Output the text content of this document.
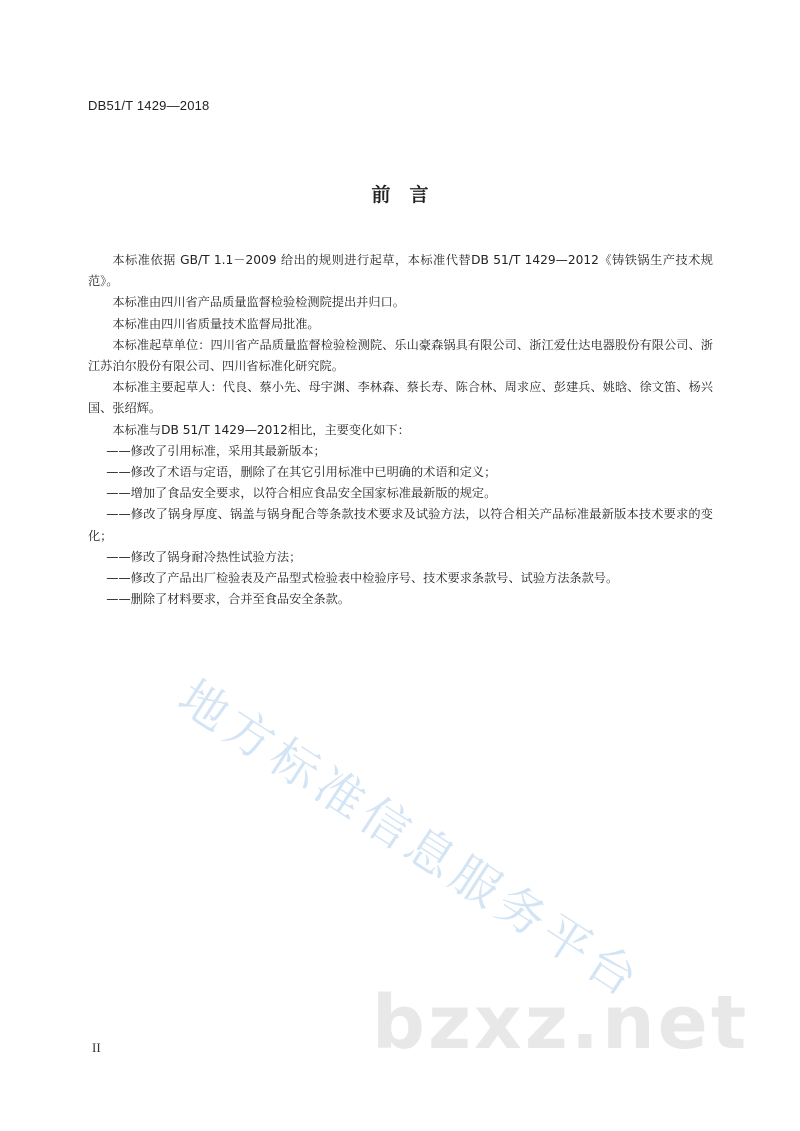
DB51/T 1429—2018
前　言

本标准依据 GB/T 1.1－2009 给出的规则进行起草，本标准代替DB 51/T 1429—2012《铸铁锅生产技术规范》。

本标准由四川省产品质量监督检验检测院提出并归口。

本标准由四川省质量技术监督局批准。

本标准起草单位：四川省产品质量监督检验检测院、乐山豪森锅具有限公司、浙江爱仕达电器股份有限公司、浙江苏泊尔股份有限公司、四川省标准化研究院。

本标准主要起草人：代良、蔡小先、母宇渊、李林森、蔡长寿、陈合林、周求应、彭建兵、姚晗、徐文笛、杨兴国、张绍辉。

本标准与DB 51/T 1429—2012相比，主要变化如下：

——修改了引用标准，采用其最新版本；

——修改了术语与定语，删除了在其它引用标准中已明确的术语和定义；

——增加了食品安全要求，以符合相应食品安全国家标准最新版的规定。

——修改了锅身厚度、锅盖与锅身配合等条款技术要求及试验方法，以符合相关产品标准最新版本技术要求的变化；

——修改了锅身耐冷热性试验方法；

——修改了产品出厂检验表及产品型式检验表中检验序号、技术要求条款号、试验方法条款号。

——删除了材料要求，合并至食品安全条款。

地方标准信息服务平台
bzxz.net
II
